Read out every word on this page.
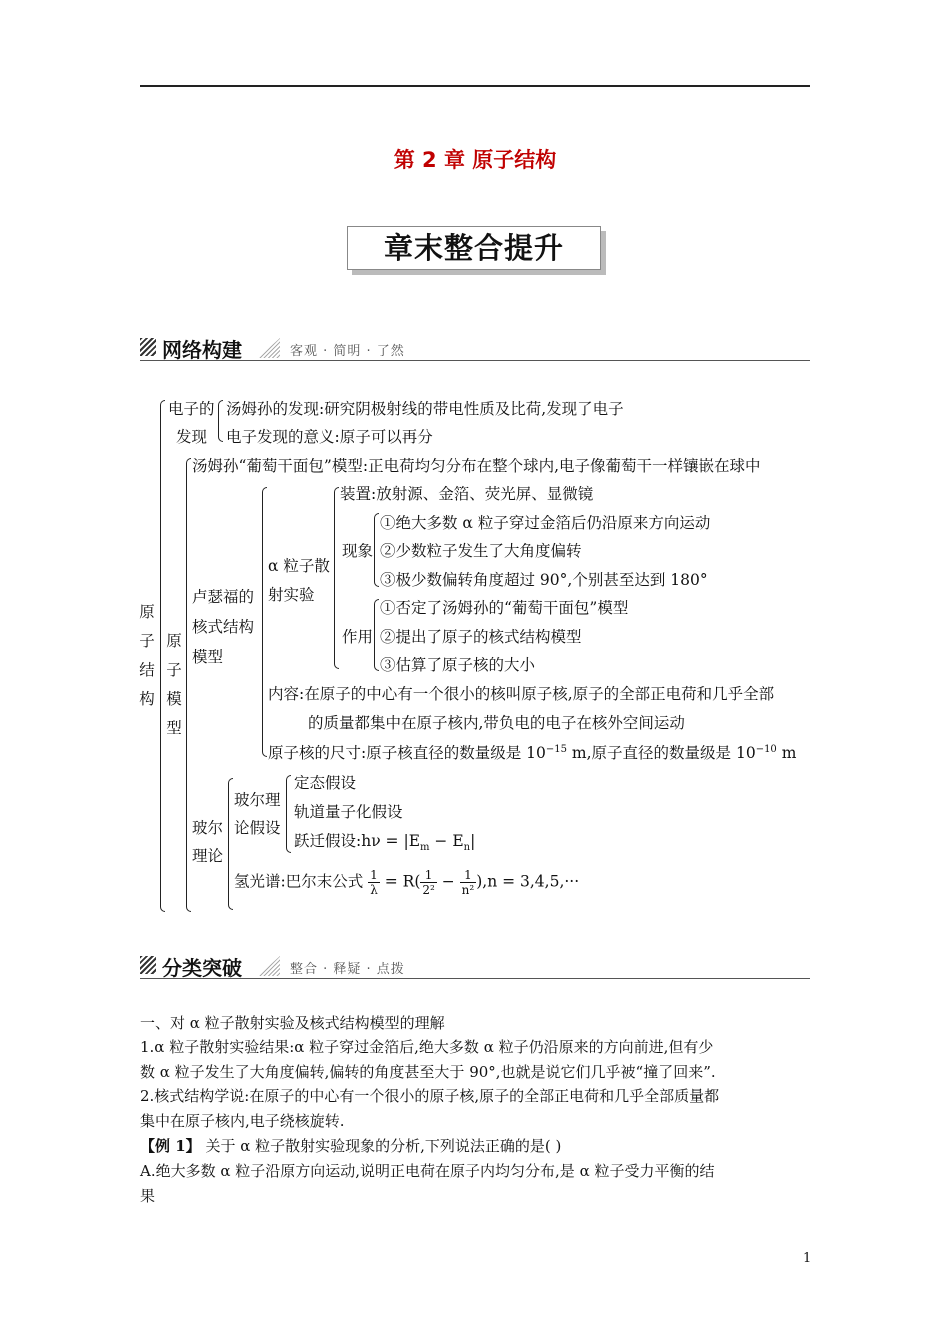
第 2 章 原子结构
章末整合提升
网络构建	客观 · 简明 · 了然
原子结构
电子的
发现
汤姆孙的发现:研究阴极射线的带电性质及比荷,发现了电子
电子发现的意义:原子可以再分
原子模型
汤姆孙“葡萄干面包”模型:正电荷均匀分布在整个球内,电子像葡萄干一样镶嵌在球中
卢瑟福的核式结构模型
α 粒子散射实验
装置:放射源、金箔、荧光屏、显微镜
现象
①绝大多数 α 粒子穿过金箔后仍沿原来方向运动
②少数粒子发生了大角度偏转
③极少数偏转角度超过 90°,个别甚至达到 180°
作用
①否定了汤姆孙的“葡萄干面包”模型
②提出了原子的核式结构模型
③估算了原子核的大小
内容:在原子的中心有一个很小的核叫原子核,原子的全部正电荷和几乎全部
的质量都集中在原子核内,带负电的电子在核外空间运动
原子核的尺寸:原子核直径的数量级是 $10^{-15}$ m,原子直径的数量级是 $10^{-10}$ m
玻尔理论
玻尔理论假设
定态假设
轨道量子化假设
跃迁假设:hν = $|E_m - E_n|$
氢光谱:巴尔末公式 $\frac{1}{\lambda} = R( \frac{1}{\text{2²}} - \frac{1}{\text{n²}} ),n = 3,4,5,\cdot\cdot\cdot$
分类突破	整合 · 释疑 · 点拨
一、对 α 粒子散射实验及核式结构模型的理解
1.α 粒子散射实验结果:α 粒子穿过金箔后,绝大多数 α 粒子仍沿原来的方向前进,但有少
数 α 粒子发生了大角度偏转,偏转的角度甚至大于 90°,也就是说它们几乎被“撞了回来”.
2.核式结构学说:在原子的中心有一个很小的原子核,原子的全部正电荷和几乎全部质量都
集中在原子核内,电子绕核旋转.
【例 1】 关于 α 粒子散射实验现象的分析,下列说法正确的是( )
A.绝大多数 α 粒子沿原方向运动,说明正电荷在原子内均匀分布,是 α 粒子受力平衡的结
果
1
